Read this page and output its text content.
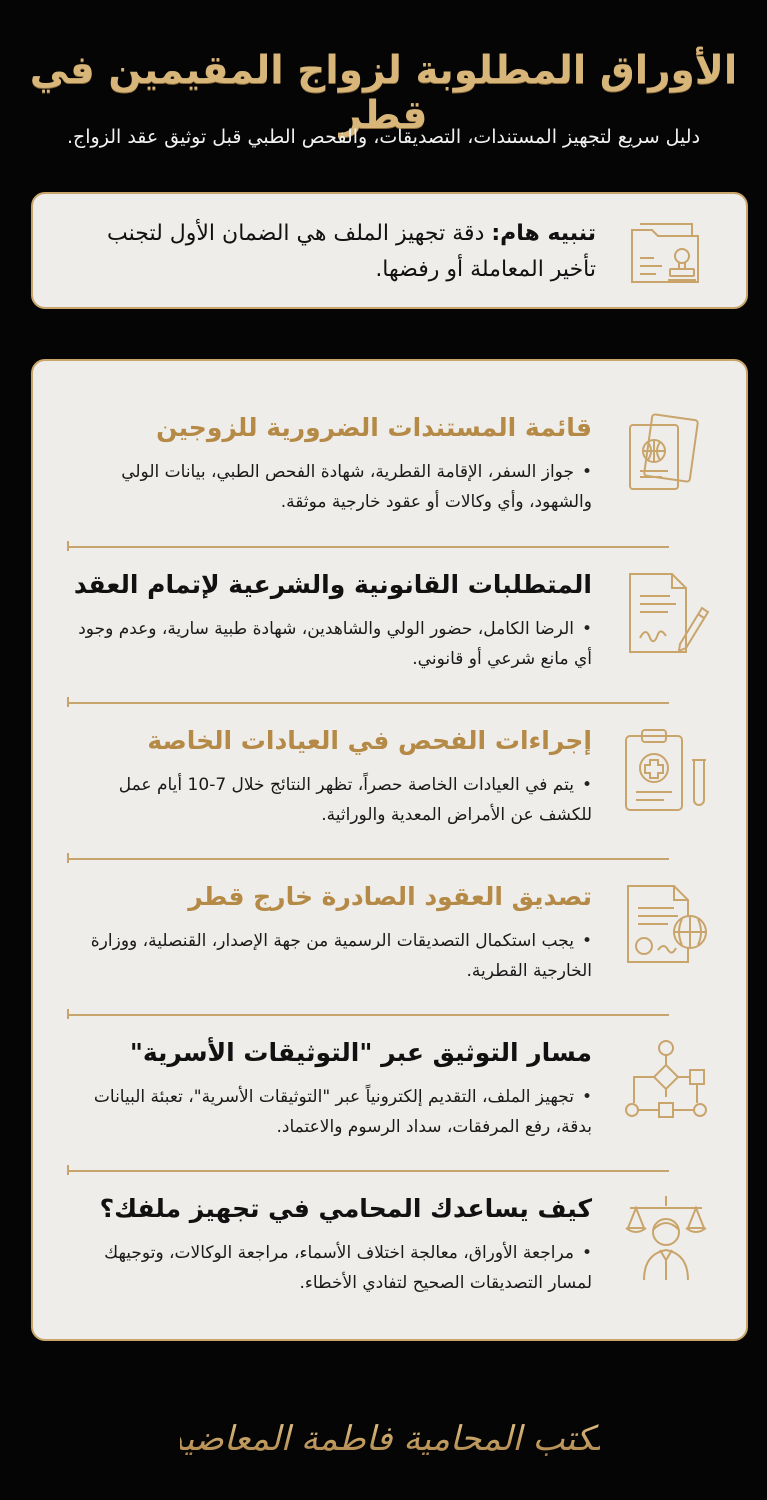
الأوراق المطلوبة لزواج المقيمين في قطر

دليل سريع لتجهيز المستندات، التصديقات، والفحص الطبي قبل توثيق عقد الزواج.

تنبيه هام: دقة تجهيز الملف هي الضمان الأول لتجنب تأخير المعاملة أو رفضها.
قائمة المستندات الضرورية للزوجين
•جواز السفر، الإقامة القطرية، شهادة الفحص الطبي، بيانات الولي والشهود، وأي وكالات أو عقود خارجية موثقة.
المتطلبات القانونية والشرعية لإتمام العقد
•الرضا الكامل، حضور الولي والشاهدين، شهادة طبية سارية، وعدم وجود أي مانع شرعي أو قانوني.
إجراءات الفحص في العيادات الخاصة
•يتم في العيادات الخاصة حصراً، تظهر النتائج خلال 7-10 أيام عمل للكشف عن الأمراض المعدية والوراثية.
تصديق العقود الصادرة خارج قطر
•يجب استكمال التصديقات الرسمية من جهة الإصدار، القنصلية، ووزارة الخارجية القطرية.
مسار التوثيق عبر "التوثيقات الأسرية"
•تجهيز الملف، التقديم إلكترونياً عبر "التوثيقات الأسرية"، تعبئة البيانات بدقة، رفع المرفقات، سداد الرسوم والاعتماد.
كيف يساعدك المحامي في تجهيز ملفك؟
•مراجعة الأوراق، معالجة اختلاف الأسماء، مراجعة الوكالات، وتوجيهك لمسار التصديقات الصحيح لتفادي الأخطاء.
مكتب المحامية فاطمة المعاضيد
